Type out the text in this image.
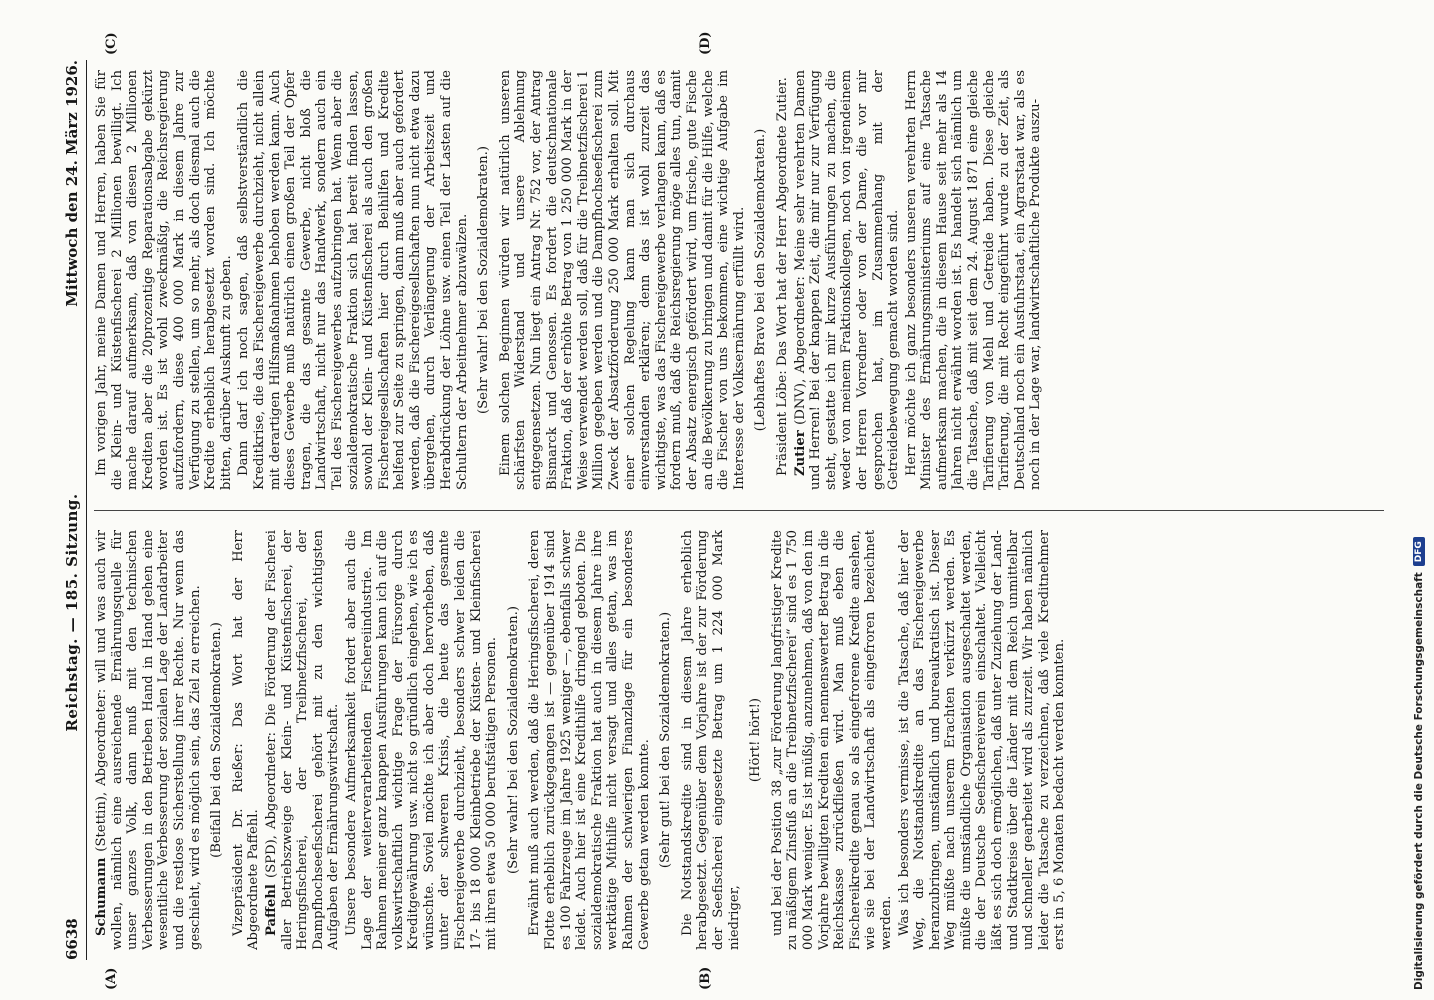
6638
Reichstag. — 185. Sitzung.
Mittwoch den 24. März 1926.

Schumann (Stettin), Abgeordneter: will und was auch wir wollen, nämlich eine ausreichende Ernährungsquelle für unser ganzes Volk, dann muß mit den technischen Verbesserungen in den Betrieben Hand in Hand gehen eine wesentliche Verbesserung der sozialen Lage der Landarbeiter und die restlose Sicherstellung ihrer Rechte. Nur wenn das geschieht, wird es möglich sein, das Ziel zu erreichen. (Beifall bei den Sozialdemokraten.) Vizepräsident Dr. Rießer: Das Wort hat der Herr Abgeordnete Paffehl. Paffehl (SPD), Abgeordneter: Die Förderung der Fischerei aller Betriebszweige der Klein- und Küstenfischerei, der Heringsfischerei, der Treibnetzfischerei, der Dampfhochseefischerei gehört mit zu den wichtigsten Aufgaben der Ernährungswirtschaft. Unsere besondere Aufmerksamkeit fordert aber auch die Lage der weiterverarbeitenden Fischereiindustrie. Im Rahmen meiner ganz knappen Ausführungen kann ich auf die volkswirtschaftlich wichtige Frage der Fürsorge durch Kreditgewährung usw. nicht so gründlich eingehen, wie ich es wünschte. Soviel möchte ich aber doch hervorheben, daß unter der schweren Krisis, die heute das gesamte Fischereigewerbe durchzieht, besonders schwer leiden die 17- bis 18 000 Kleinbetriebe der Küsten- und Kleinfischerei mit ihren etwa 50 000 berufstätigen Personen. (Sehr wahr! bei den Sozialdemokraten.) Erwähnt muß auch werden, daß die Heringsfischerei, deren Flotte erheblich zurückgegangen ist — gegenüber 1914 sind es 100 Fahrzeuge im Jahre 1925 weniger —, ebenfalls schwer leidet. Auch hier ist eine Kredithilfe dringend geboten. Die sozialdemokratische Fraktion hat auch in diesem Jahre ihre werktätige Mithilfe nicht versagt und alles getan, was im Rahmen der schwierigen Finanzlage für ein besonderes Gewerbe getan werden konnte. (Sehr gut! bei den Sozialdemokraten.) Die Notstandskredite sind in diesem Jahre erheblich herabgesetzt. Gegenüber dem Vorjahre ist der zur Förderung der Seefischerei eingesetzte Betrag um 1 224 000 Mark niedriger,

(Hört! hört!) und bei der Position 38 „zur Förderung langfristiger Kredite zu mäßigem Zinsfuß an die Treibnetzfischerei“ sind es 1 750 000 Mark weniger. Es ist müßig, anzunehmen, daß von den im Vorjahre bewilligten Krediten ein nennenswerter Betrag in die Reichskasse zurückfließen wird. Man muß eben die Fischereikredite genau so als eingefrorene Kredite ansehen, wie sie bei der Landwirtschaft als eingefroren bezeichnet werden. Was ich besonders vermisse, ist die Tatsache, daß hier der Weg, die Notstandskredite an das Fischereigewerbe heranzubringen, umständlich und bureaukratisch ist. Dieser Weg müßte nach unserem Erachten verkürzt werden. Es müßte die umständliche Organisation ausgeschaltet werden, die der Deutsche Seefischereiverein einschaltet. Vielleicht läßt es sich doch ermöglichen, daß unter Zuziehung der Land- und Stadtkreise über die Länder mit dem Reich unmittelbar und schneller gearbeitet wird als zurzeit. Wir haben nämlich leider die Tatsache zu verzeichnen, daß viele Kreditnehmer erst in 5, 6 Monaten bedacht werden konnten.

Im vorigen Jahr, meine Damen und Herren, haben Sie für die Klein- und Küstenfischerei 2 Millionen bewilligt. Ich mache darauf aufmerksam, daß von diesen 2 Millionen Krediten aber die 20prozentige Reparationsabgabe gekürzt worden ist. Es ist wohl zweckmäßig, die Reichsregierung aufzufordern, diese 400 000 Mark in diesem Jahre zur Verfügung zu stellen, um so mehr, als doch diesmal auch die Kredite erheblich herabgesetzt worden sind. Ich möchte bitten, darüber Auskunft zu geben. Dann darf ich noch sagen, daß selbstverständlich die Kreditkrise, die das Fischereigewerbe durchzieht, nicht allein mit derartigen Hilfsmaßnahmen behoben werden kann. Auch dieses Gewerbe muß natürlich einen großen Teil der Opfer tragen, die das gesamte Gewerbe, nicht bloß die Landwirtschaft, nicht nur das Handwerk, sondern auch ein Teil des Fischereigewerbes aufzubringen hat. Wenn aber die sozialdemokratische Fraktion sich hat bereit finden lassen, sowohl der Klein- und Küstenfischerei als auch den großen Fischereigesellschaften hier durch Beihilfen und Kredite helfend zur Seite zu springen, dann muß aber auch gefordert werden, daß die Fischereigesellschaften nun nicht etwa dazu übergehen, durch Verlängerung der Arbeitszeit und Herabdrückung der Löhne usw. einen Teil der Lasten auf die Schultern der Arbeitnehmer abzuwälzen. (Sehr wahr! bei den Sozialdemokraten.) Einem solchen Beginnen würden wir natürlich unseren schärfsten Widerstand und unsere Ablehnung entgegensetzen. Nun liegt ein Antrag Nr. 752 vor, der Antrag Bismarck und Genossen. Es fordert die deutschnationale Fraktion, daß der erhöhte Betrag von 1 250 000 Mark in der Weise verwendet werden soll, daß für die Treibnetzfischerei 1 Million gegeben werden und die Dampfhochseefischerei zum Zweck der Absatzförderung 250 000 Mark erhalten soll. Mit einer solchen Regelung kann man sich durchaus einverstanden erklären; denn das ist wohl zurzeit das wichtigste, was das Fischereigewerbe verlangen kann, daß es fordern muß, daß die Reichsregierung möge alles tun, damit der Absatz energisch gefördert wird, um frische, gute Fische an die Bevölkerung zu bringen und damit für die Hilfe, welche die Fischer von uns bekommen, eine wichtige Aufgabe im Interesse der Volksernährung erfüllt wird. (Lebhaftes Bravo bei den Sozialdemokraten.) Präsident Löbe: Das Wort hat der Herr Abgeordnete Zutier. Zutier (DNV), Abgeordneter: Meine sehr verehrten Damen und Herren! Bei der knappen Zeit, die mir nur zur Verfügung steht, gestatte ich mir kurze Ausführungen zu machen, die weder von meinem Fraktionskollegen, noch von irgendeinem der Herren Vorredner oder von der Dame, die vor mir gesprochen hat, im Zusammenhang mit der Getreidebewegung gemacht worden sind. Herr möchte ich ganz besonders unseren verehrten Herrn Minister des Ernährungsministeriums auf eine Tatsache aufmerksam machen, die in diesem Hause seit mehr als 14 Jahren nicht erwähnt worden ist. Es handelt sich nämlich um die Tatsache, daß mit seit dem 24. August 1871 eine gleiche Tarifierung von Mehl und Getreide haben. Diese gleiche Tarifierung, die mit Recht eingeführt wurde zu der Zeit, als Deutschland noch ein Ausfuhrstaat, ein Agrarstaat war, als es noch in der Lage war, landwirtschaftliche Produkte auszu-

(A)	(B)
(C)	(D)
Digitalisierung gefördert durch die Deutsche Forschungsgemeinschaft
DFG
